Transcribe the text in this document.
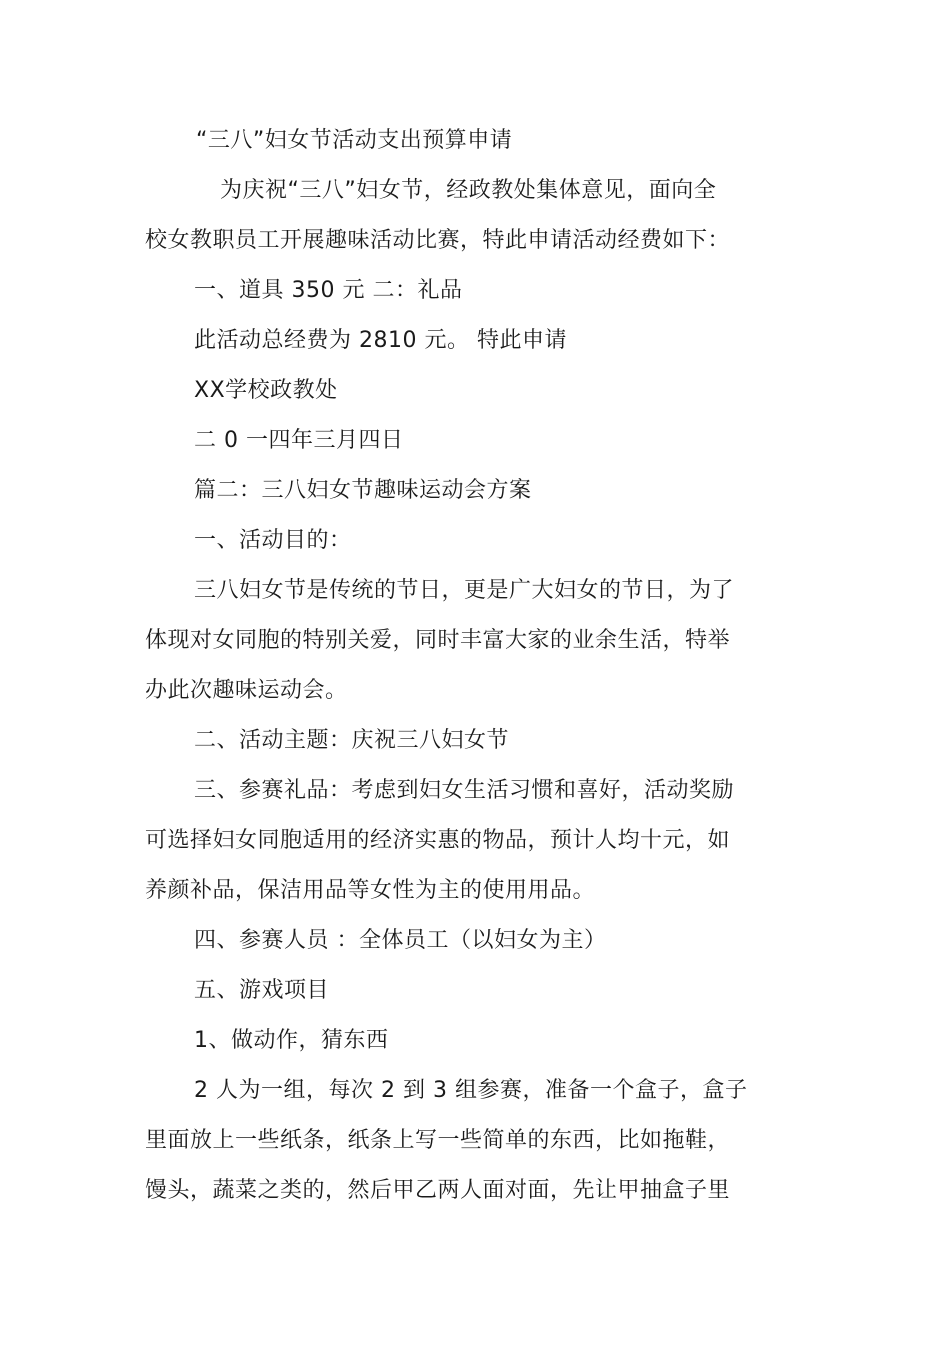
“三八”妇女节活动支出预算申请
为庆祝“三八”妇女节，经政教处集体意见，面向全
校女教职员工开展趣味活动比赛，特此申请活动经费如下：
一、道具 350 元 二：礼品
此活动总经费为 2810 元。 特此申请
XX学校政教处
二 0 一四年三月四日
篇二：三八妇女节趣味运动会方案
一、活动目的：
三八妇女节是传统的节日，更是广大妇女的节日，为了
体现对女同胞的特别关爱，同时丰富大家的业余生活，特举
办此次趣味运动会。
二、活动主题：庆祝三八妇女节
三、参赛礼品：考虑到妇女生活习惯和喜好，活动奖励
可选择妇女同胞适用的经济实惠的物品，预计人均十元，如
养颜补品，保洁用品等女性为主的使用用品。
四、参赛人员 ：全体员工（以妇女为主）
五、游戏项目
1、做动作，猜东西
2 人为一组，每次 2 到 3 组参赛，准备一个盒子，盒子
里面放上一些纸条，纸条上写一些简单的东西，比如拖鞋，
馒头，蔬菜之类的，然后甲乙两人面对面，先让甲抽盒子里
